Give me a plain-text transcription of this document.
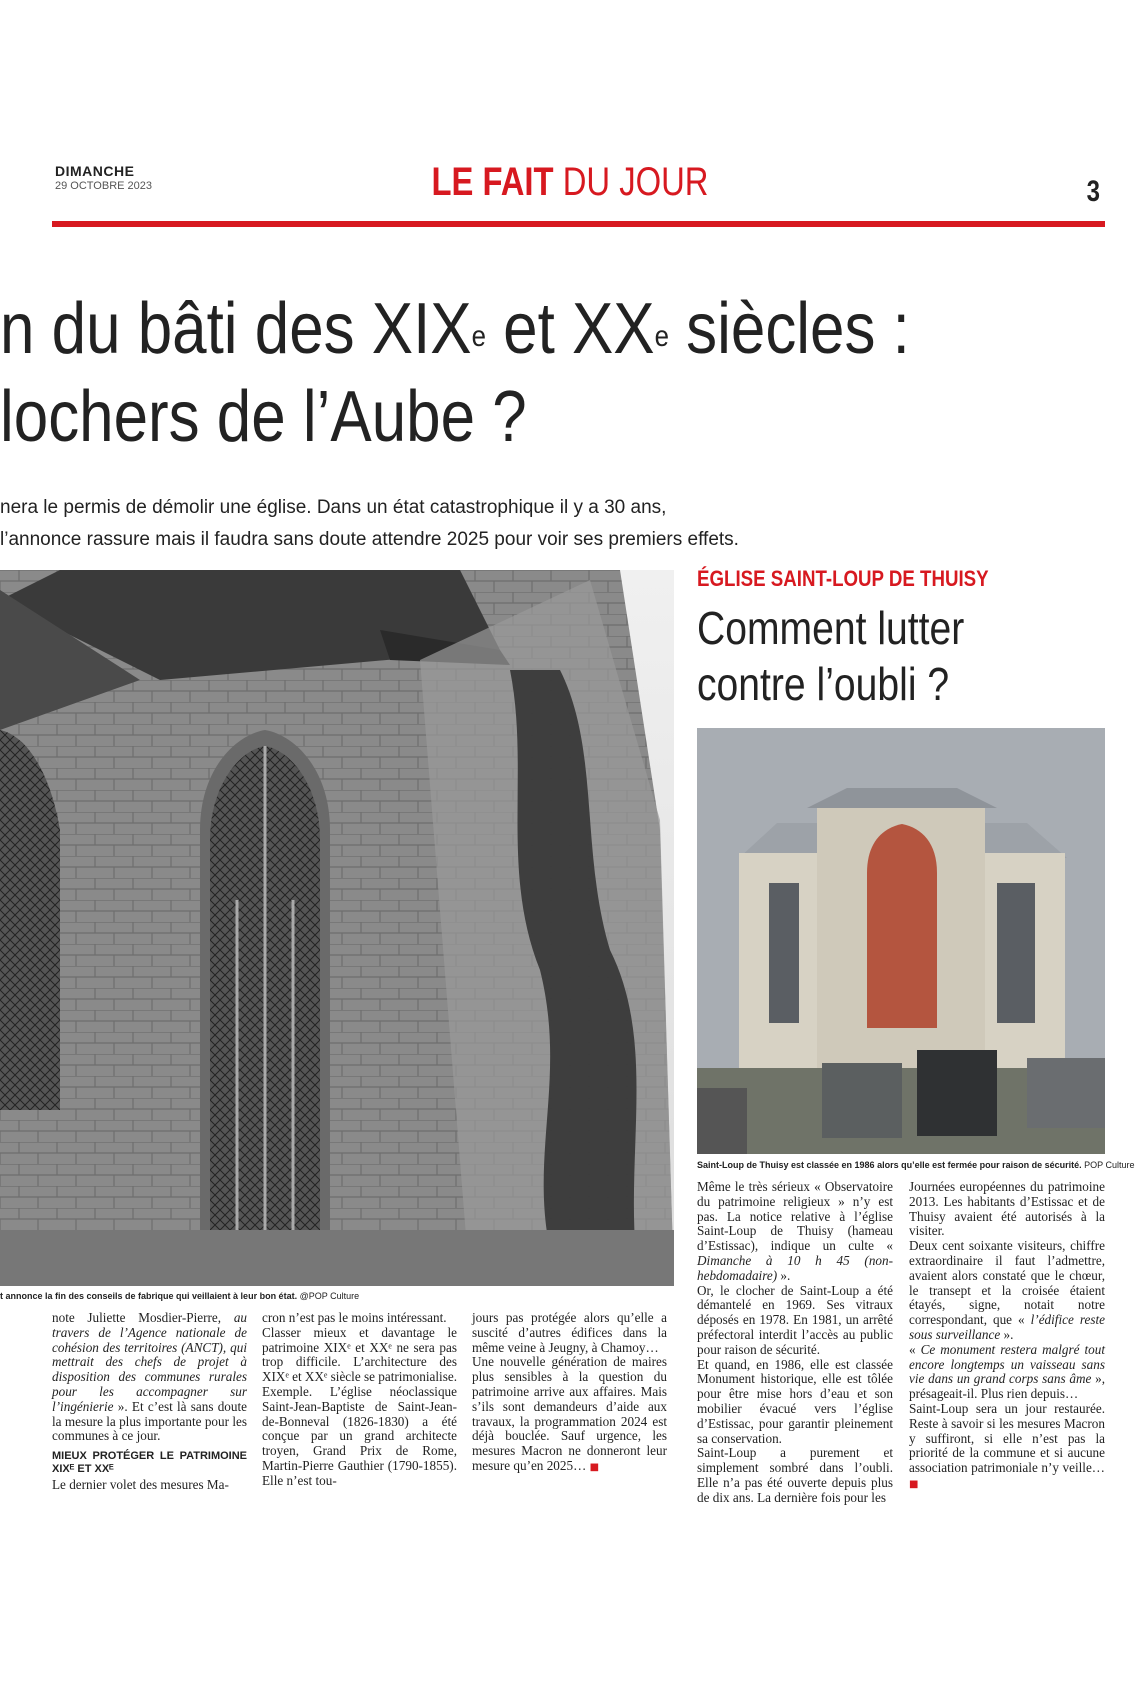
DIMANCHE
29 OCTOBRE 2023	LE FAIT DU JOUR	3
n du bâti des XIXe et XXe siècles :
lochers de l’Aube ?
nera le permis de démolir une église. Dans un état catastrophique il y a 30 ans,
l’annonce rassure mais il faudra sans doute attendre 2025 pour voir ses premiers effets.
t annonce la fin des conseils de fabrique qui veillaient à leur bon état. @POP Culture
ÉGLISE SAINT-LOUP DE THUISY
Comment lutter
contre l’oubli ?
Saint-Loup de Thuisy est classée en 1986 alors qu’elle est fermée pour raison de sécurité. POP Culture

note Juliette Mosdier-Pierre, au travers de l’Agence nationale de cohésion des territoires (ANCT), qui mettrait des chefs de projet à disposition des communes rurales pour les accompagner sur l’ingénierie ». Et c’est là sans doute la mesure la plus importante pour les communes à ce jour.

MIEUX PROTÉGER LE PATRIMOINE XIXᴱ ET XXᴱ

Le dernier volet des mesures Ma-

cron n’est pas le moins intéressant.

Classer mieux et davantage le patrimoine XIXᵉ et XXᵉ ne sera pas trop difficile. L’architecture des XIXᵉ et XXᵉ siècle se patrimonialise. Exemple. L’église néoclassique Saint-Jean-Baptiste de Saint-Jean-de-Bonneval (1826-1830) a été conçue par un grand architecte troyen, Grand Prix de Rome, Martin-Pierre Gauthier (1790-1855). Elle n’est tou-

jours pas protégée alors qu’elle a suscité d’autres édifices dans la même veine à Jeugny, à Chamoy…

Une nouvelle génération de maires plus sensibles à la question du patrimoine arrive aux affaires. Mais s’ils sont demandeurs d’aide aux travaux, la programmation 2024 est déjà bouclée. Sauf urgence, les mesures Macron ne donneront leur mesure qu’en 2025… ■

Même le très sérieux « Observatoire du patrimoine religieux » n’y est pas. La notice relative à l’église Saint-Loup de Thuisy (hameau d’Estissac), indique un culte « Dimanche à 10 h 45 (non-hebdomadaire) ».

Or, le clocher de Saint-Loup a été démantelé en 1969. Ses vitraux déposés en 1978. En 1981, un arrêté préfectoral interdit l’accès au public pour raison de sécurité.

Et quand, en 1986, elle est classée Monument historique, elle est tôlée pour être mise hors d’eau et son mobilier évacué vers l’église d’Estissac, pour garantir pleinement sa conservation.

Saint-Loup a purement et simplement sombré dans l’oubli. Elle n’a pas été ouverte depuis plus de dix ans. La dernière fois pour les

Journées européennes du patrimoine 2013. Les habitants d’Estissac et de Thuisy avaient été autorisés à la visiter.

Deux cent soixante visiteurs, chiffre extraordinaire il faut l’admettre, avaient alors constaté que le chœur, le transept et la croisée étaient étayés, signe, notait notre correspondant, que « l’édifice reste sous surveillance ».

« Ce monument restera malgré tout encore longtemps un vaisseau sans vie dans un grand corps sans âme », présageait-il. Plus rien depuis…

Saint-Loup sera un jour restaurée. Reste à savoir si les mesures Macron y suffiront, si elle n’est pas la priorité de la commune et si aucune association patrimoniale n’y veille… ■
